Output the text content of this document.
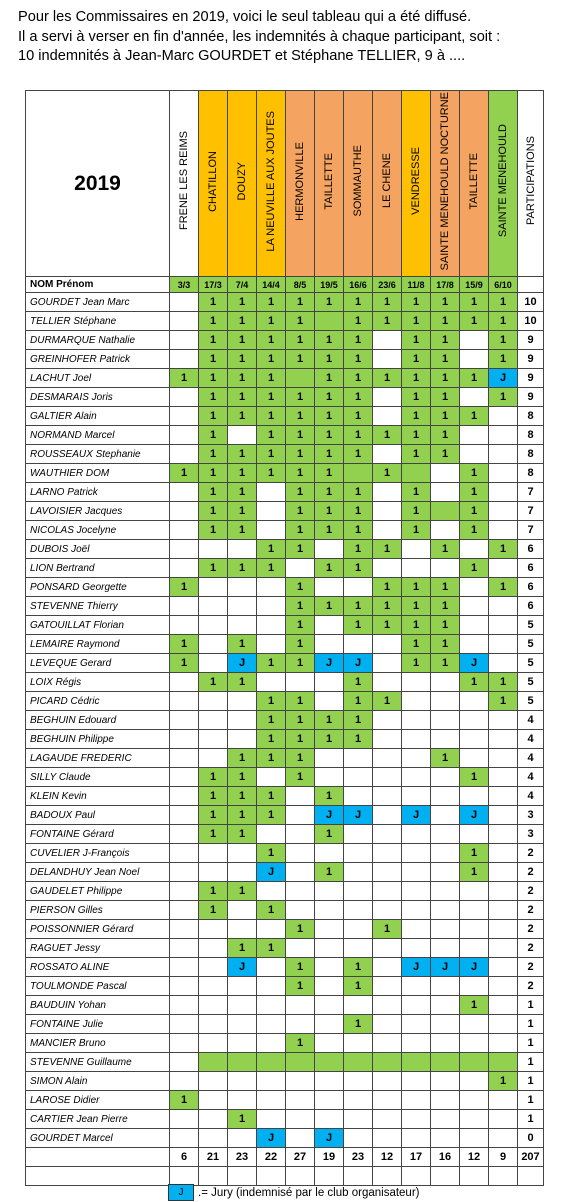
Pour les Commissaires en 2019, voici le seul tableau qui a été diffusé.
Il a servi à verser en fin d'année, les indemnités à chaque participant, soit :
10 indemnités à Jean-Marc GOURDET et Stéphane TELLIER, 9 à ....
2019	FRENE LES REIMS	CHATILLON	DOUZY	LA NEUVILLE AUX JOUTES	HERMONVILLE	TAILLETTE	SOMMAUTHE	LE CHENE	VENDRESSE	SAINTE MENEHOULD NOCTURNE	TAILLETTE	SAINTE MENEHOULD	PARTICIPATIONS
NOM Prénom	3/3	17/3	7/4	14/4	8/5	19/5	16/6	23/6	11/8	17/8	15/9	6/10	
GOURDET Jean Marc		1	1	1	1	1	1	1	1	1	1	1	10
TELLIER Stéphane		1	1	1	1		1	1	1	1	1	1	10
DURMARQUE Nathalie		1	1	1	1	1	1		1	1		1	9
GREINHOFER Patrick		1	1	1	1	1	1		1	1		1	9
LACHUT Joel	1	1	1	1		1	1	1	1	1	1	J	9
DESMARAIS Joris		1	1	1	1	1	1		1	1		1	9
GALTIER Alain		1	1	1	1	1	1		1	1	1		8
NORMAND Marcel		1		1	1	1	1	1	1	1			8
ROUSSEAUX Stephanie		1	1	1	1	1	1		1	1			8
WAUTHIER DOM	1	1	1	1	1	1		1			1		8
LARNO Patrick		1	1		1	1	1		1		1		7
LAVOISIER Jacques		1	1		1	1	1		1		1		7
NICOLAS Jocelyne		1	1		1	1	1		1		1		7
DUBOIS Joël				1	1		1	1		1		1	6
LION Bertrand		1	1	1		1	1				1		6
PONSARD Georgette	1				1			1	1	1		1	6
STEVENNE Thierry					1	1	1	1	1	1			6
GATOUILLAT Florian					1		1	1	1	1			5
LEMAIRE Raymond	1		1		1				1	1			5
LEVEQUE Gerard	1		J	1	1	J	J		1	1	J		5
LOIX Régis		1	1				1				1	1	5
PICARD Cédric				1	1		1	1				1	5
BEGHUIN Edouard				1	1	1	1						4
BEGHUIN Philippe				1	1	1	1						4
LAGAUDE FREDERIC			1	1	1					1			4
SILLY Claude		1	1		1						1		4
KLEIN Kevin		1	1	1		1							4
BADOUX Paul		1	1	1		J	J		J		J		3
FONTAINE Gérard		1	1			1							3
CUVELIER J-François				1							1		2
DELANDHUY Jean Noel				J		1					1		2
GAUDELET Philippe		1	1										2
PIERSON Gilles		1		1									2
POISSONNIER Gérard					1			1					2
RAGUET Jessy			1	1									2
ROSSATO ALINE			J		1		1		J	J	J		2
TOULMONDE Pascal					1		1						2
BAUDUIN Yohan											1		1
FONTAINE Julie							1						1
MANCIER Bruno					1								1
STEVENNE Guillaume													1
SIMON Alain												1	1
LAROSE Didier	1												1
CARTIER Jean Pierre			1										1
GOURDET Marcel				J		J							0
	6	21	23	22	27	19	23	12	17	16	12	9	207

J	.= Jury (indemnisé par le club organisateur)
